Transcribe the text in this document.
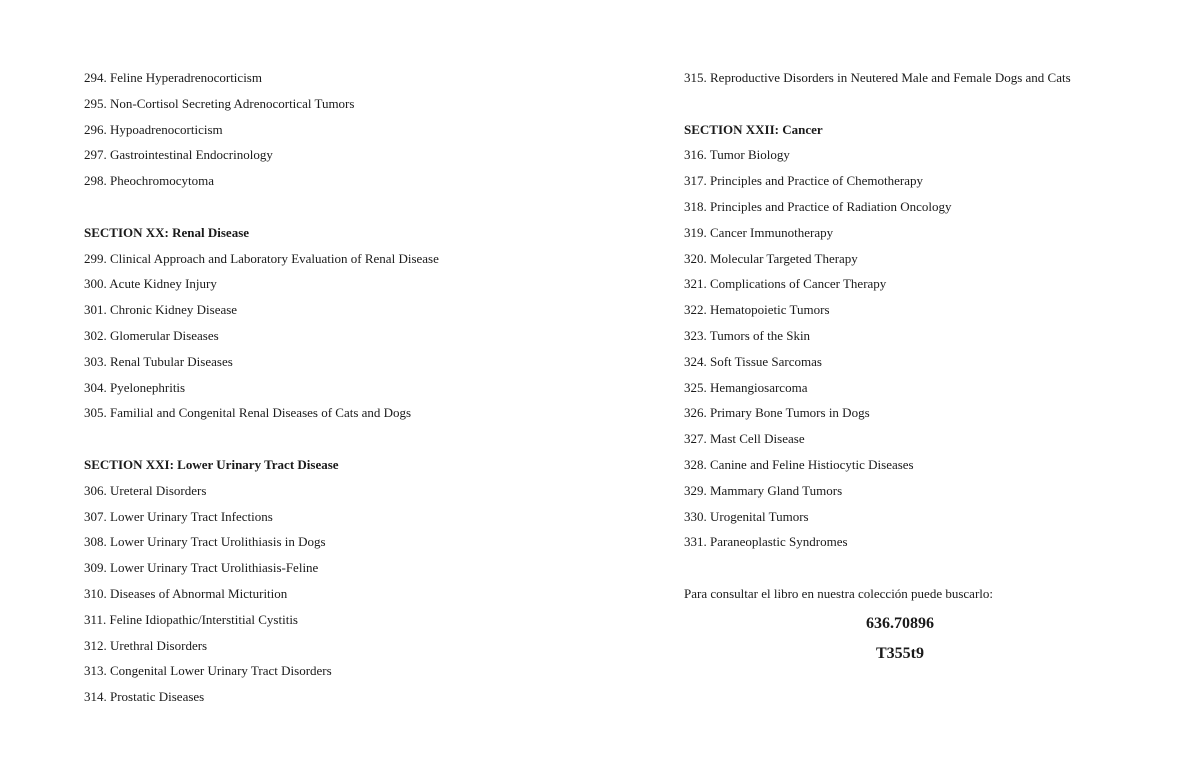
294. Feline Hyperadrenocorticism
295. Non-Cortisol Secreting Adrenocortical Tumors
296. Hypoadrenocorticism
297. Gastrointestinal Endocrinology
298. Pheochromocytoma
SECTION XX: Renal Disease
299. Clinical Approach and Laboratory Evaluation of Renal Disease
300. Acute Kidney Injury
301. Chronic Kidney Disease
302. Glomerular Diseases
303. Renal Tubular Diseases
304. Pyelonephritis
305. Familial and Congenital Renal Diseases of Cats and Dogs
SECTION XXI: Lower Urinary Tract Disease
306. Ureteral Disorders
307. Lower Urinary Tract Infections
308. Lower Urinary Tract Urolithiasis in Dogs
309. Lower Urinary Tract Urolithiasis-Feline
310. Diseases of Abnormal Micturition
311. Feline Idiopathic/Interstitial Cystitis
312. Urethral Disorders
313. Congenital Lower Urinary Tract Disorders
314. Prostatic Diseases
315. Reproductive Disorders in Neutered Male and Female Dogs and Cats
SECTION XXII: Cancer
316. Tumor Biology
317. Principles and Practice of Chemotherapy
318. Principles and Practice of Radiation Oncology
319. Cancer Immunotherapy
320. Molecular Targeted Therapy
321. Complications of Cancer Therapy
322. Hematopoietic Tumors
323. Tumors of the Skin
324. Soft Tissue Sarcomas
325. Hemangiosarcoma
326. Primary Bone Tumors in Dogs
327. Mast Cell Disease
328. Canine and Feline Histiocytic Diseases
329. Mammary Gland Tumors
330. Urogenital Tumors
331. Paraneoplastic Syndromes
Para consultar el libro en nuestra colección puede buscarlo:
636.70896
T355t9
